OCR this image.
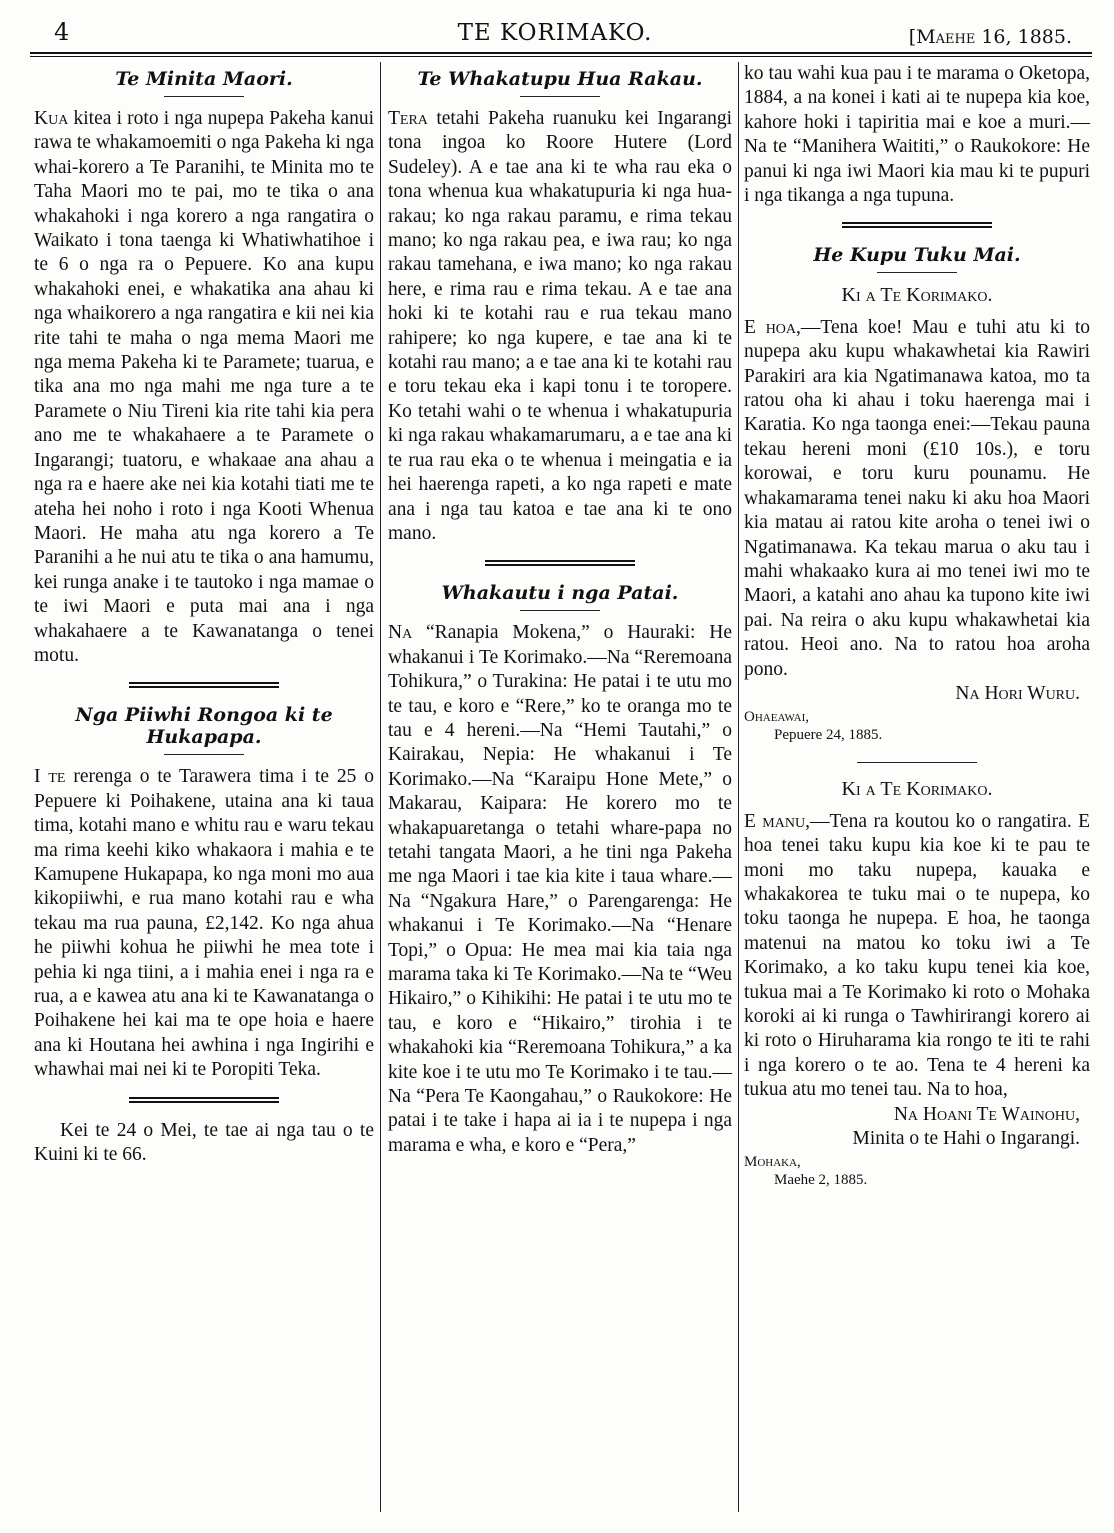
4	TE KORIMAKO.	[Maehe 16, 1885.
Te Minita Maori.

Kua kitea i roto i nga nupepa Pakeha kanui rawa te whakamoemiti o nga Pakeha ki nga whai-korero a Te Paranihi, te Minita mo te Taha Maori mo te pai, mo te tika o ana whakahoki i nga korero a nga rangatira o Waikato i tona taenga ki Whatiwhatihoe i te 6 o nga ra o Pepuere. Ko ana kupu whakahoki enei, e whakatika ana ahau ki nga whaikorero a nga rangatira e kii nei kia rite tahi te maha o nga mema Maori me nga mema Pakeha ki te Paramete; tuarua, e tika ana mo nga mahi me nga ture a te Paramete o Niu Tireni kia rite tahi kia pera ano me te whakahaere a te Paramete o Ingarangi; tuatoru, e whakaae ana ahau a nga ra e haere ake nei kia kotahi tiati me te ateha hei noho i roto i nga Kooti Whenua Maori. He maha atu nga korero a Te Paranihi a he nui atu te tika o ana hamumu, kei runga anake i te tautoko i nga mamae o te iwi Maori e puta mai ana i nga whakahaere a te Kawanatanga o tenei motu.

Nga Piiwhi Rongoa ki te Hukapapa.

I te rerenga o te Tarawera tima i te 25 o Pepuere ki Poihakene, utaina ana ki taua tima, kotahi mano e whitu rau e waru tekau ma rima keehi kiko whakaora i mahia e te Kamupene Hukapapa, ko nga moni mo aua kikopiiwhi, e rua mano kotahi rau e wha tekau ma rua pauna, £2,142. Ko nga ahua he piiwhi kohua he piiwhi he mea tote i pehia ki nga tiini, a i mahia enei i nga ra e rua, a e kawea atu ana ki te Kawanatanga o Poihakene hei kai ma te ope hoia e haere ana ki Houtana hei awhina i nga Ingirihi e whawhai mai nei ki te Poropiti Teka.

Kei te 24 o Mei, te tae ai nga tau o te Kuini ki te 66.

Te Whakatupu Hua Rakau.

Tera tetahi Pakeha ruanuku kei Ingarangi tona ingoa ko Roore Hutere (Lord Sudeley). A e tae ana ki te wha rau eka o tona whenua kua whakatupuria ki nga hua-rakau; ko nga rakau paramu, e rima tekau mano; ko nga rakau pea, e iwa rau; ko nga rakau tamehana, e iwa mano; ko nga rakau here, e rima rau e rima tekau. A e tae ana hoki ki te kotahi rau e rua tekau mano rahipere; ko nga kupere, e tae ana ki te kotahi rau mano; a e tae ana ki te kotahi rau e toru tekau eka i kapi tonu i te toropere. Ko tetahi wahi o te whenua i whakatupuria ki nga rakau whakamarumaru, a e tae ana ki te rua rau eka o te whenua i meingatia e ia hei haerenga rapeti, a ko nga rapeti e mate ana i nga tau katoa e tae ana ki te ono mano.

Whakautu i nga Patai.

Na “Ranapia Mokena,” o Hauraki: He whakanui i Te Korimako.—Na “Reremoana Tohikura,” o Turakina: He patai i te utu mo te tau, e koro e “Rere,” ko te oranga mo te tau e 4 hereni.—Na “Hemi Tautahi,” o Kairakau, Nepia: He whakanui i Te Korimako.—Na “Karaipu Hone Mete,” o Makarau, Kaipara: He korero mo te whakapuaretanga o tetahi whare-papa no tetahi tangata Maori, a he tini nga Pakeha me nga Maori i tae kia kite i taua whare.—Na “Ngakura Hare,” o Parengarenga: He whakanui i Te Korimako.—Na “Henare Topi,” o Opua: He mea mai kia taia nga marama taka ki Te Korimako.—Na te “Weu Hikairo,” o Kihikihi: He patai i te utu mo te tau, e koro e “Hikairo,” tirohia i te whakahoki kia “Reremoana Tohikura,” a ka kite koe i te utu mo Te Korimako i te tau.—Na “Pera Te Kaongahau,” o Raukokore: He patai i te take i hapa ai ia i te nupepa i nga marama e wha, e koro e “Pera,”

ko tau wahi kua pau i te marama o Oketopa, 1884, a na konei i kati ai te nupepa kia koe, kahore hoki i tapiritia mai e koe a muri.—Na te “Manihera Waititi,” o Raukokore: He panui ki nga iwi Maori kia mau ki te pupuri i nga tikanga a nga tupuna.

He Kupu Tuku Mai.
Ki a Te Korimako.

E hoa,—Tena koe! Mau e tuhi atu ki to nupepa aku kupu whakawhetai kia Rawiri Parakiri ara kia Ngatimanawa katoa, mo ta ratou oha ki ahau i toku haerenga mai i Karatia. Ko nga taonga enei:—Tekau pauna tekau hereni moni (£10 10s.), e toru korowai, e toru kuru pounamu. He whakamarama tenei naku ki aku hoa Maori kia matau ai ratou kite aroha o tenei iwi o Ngatimanawa. Ka tekau marua o aku tau i mahi whakaako kura ai mo tenei iwi mo te Maori, a katahi ano ahau ka tupono kite iwi pai. Na reira o aku kupu whakawhetai kia ratou. Heoi ano. Na to ratou hoa aroha pono.

Na Hori Wuru.
Ohaeawai,
Pepuere 24, 1885.
Ki a Te Korimako.

E manu,—Tena ra koutou ko o rangatira. E hoa tenei taku kupu kia koe ki te pau te moni mo taku nupepa, kauaka e whakakorea te tuku mai o te nupepa, ko toku taonga he nupepa. E hoa, he taonga matenui na matou ko toku iwi a Te Korimako, a ko taku kupu tenei kia koe, tukua mai a Te Korimako ki roto o Mohaka koroki ai ki runga o Tawhirirangi korero ai ki roto o Hiruharama kia rongo te iti te rahi i nga korero o te ao. Tena te 4 hereni ka tukua atu mo tenei tau. Na to hoa,

Na Hoani Te Wainohu,
Minita o te Hahi o Ingarangi.
Mohaka,
Maehe 2, 1885.
